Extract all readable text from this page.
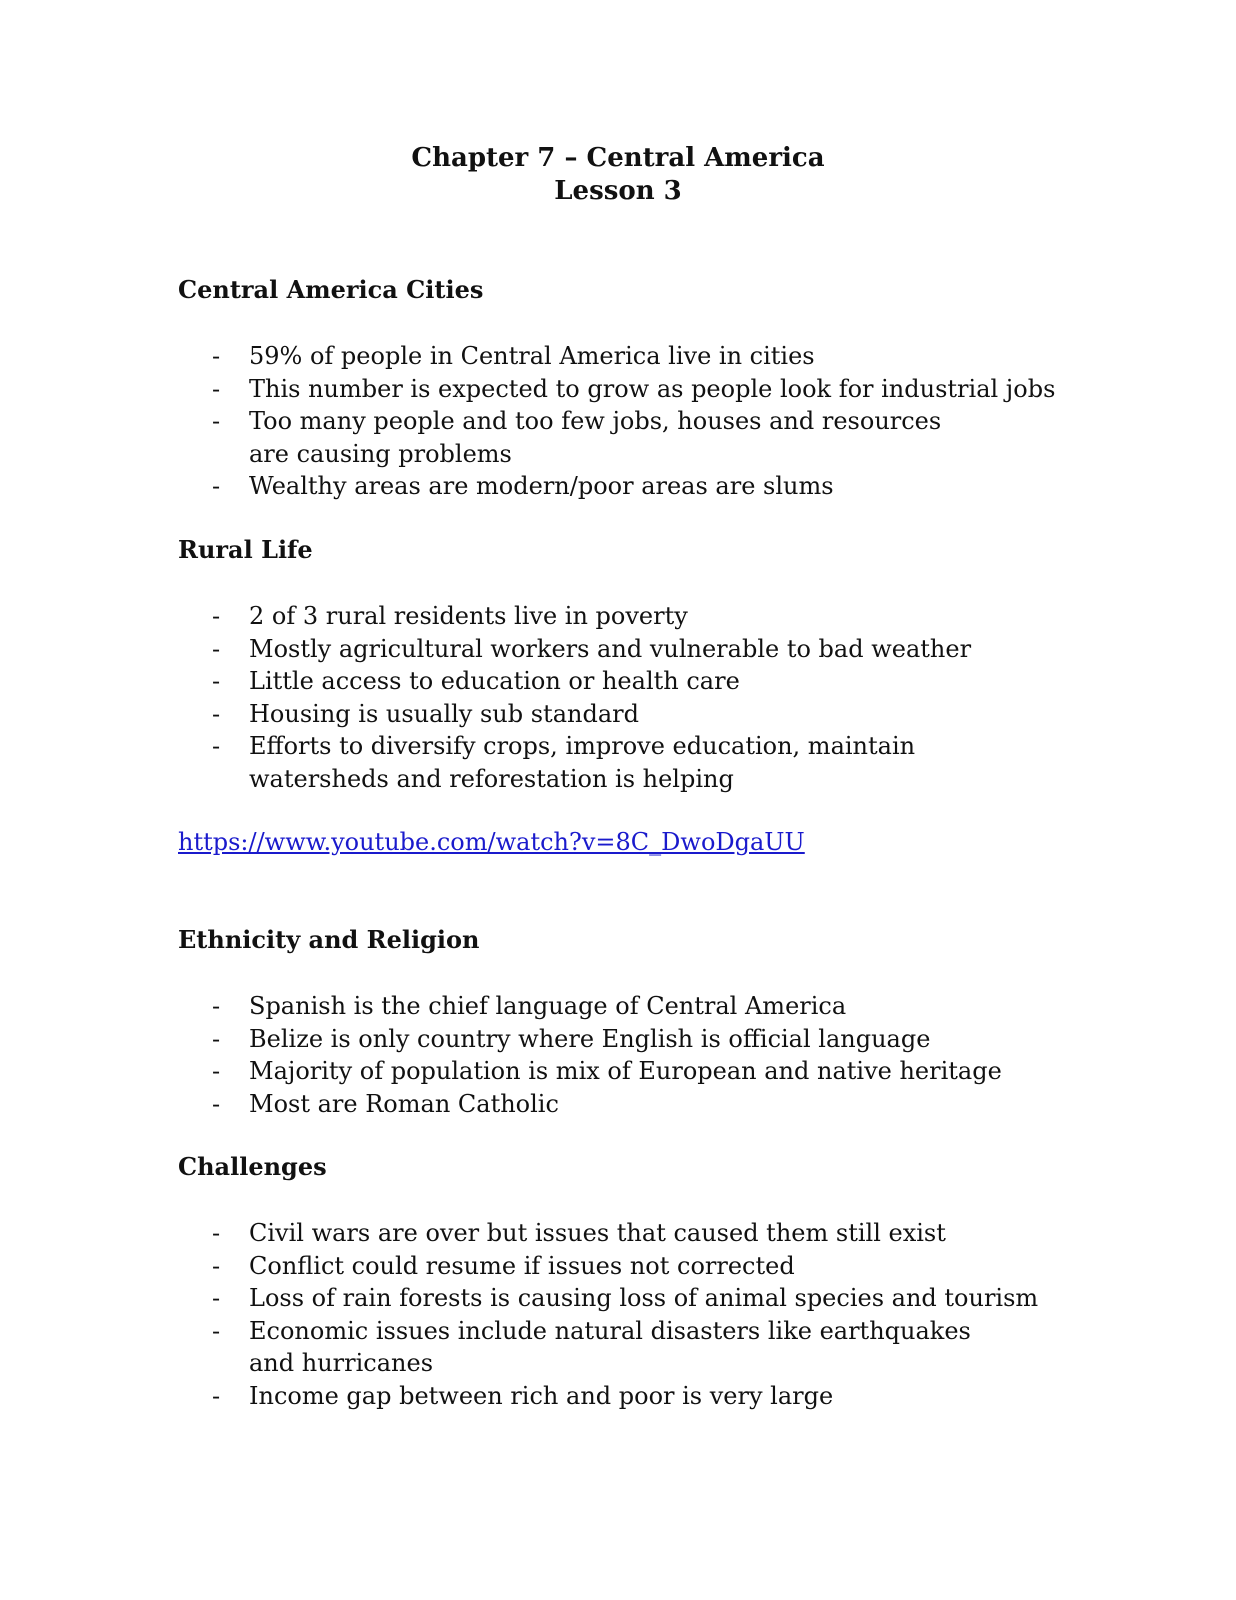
Chapter 7 – Central America
Lesson 3
Central America Cities
- 59% of people in Central America live in cities
- This number is expected to grow as people look for industrial jobs
- Too many people and too few jobs, houses and resources are causing problems
- Wealthy areas are modern/poor areas are slums
Rural Life
- 2 of 3 rural residents live in poverty
- Mostly agricultural workers and vulnerable to bad weather
- Little access to education or health care
- Housing is usually sub standard
- Efforts to diversify crops, improve education, maintain watersheds and reforestation is helping
https://www.youtube.com/watch?v=8C_DwoDgaUU
Ethnicity and Religion
- Spanish is the chief language of Central America
- Belize is only country where English is official language
- Majority of population is mix of European and native heritage
- Most are Roman Catholic
Challenges
- Civil wars are over but issues that caused them still exist
- Conflict could resume if issues not corrected
- Loss of rain forests is causing loss of animal species and tourism
- Economic issues include natural disasters like earthquakes and hurricanes
- Income gap between rich and poor is very large
